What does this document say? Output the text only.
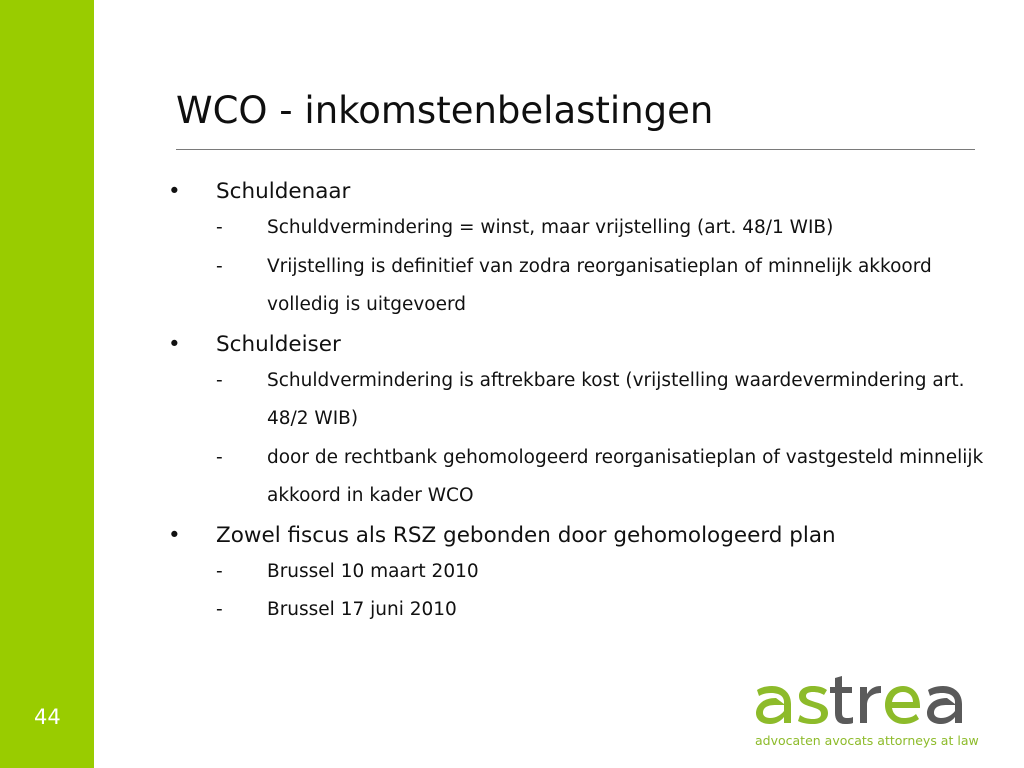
44
WCO - inkomstenbelastingen
•	Schuldenaar
-	Schuldvermindering = winst, maar vrijstelling (art. 48/1 WIB)
-	Vrijstelling is definitief van zodra reorganisatieplan of minnelijk akkoord volledig is uitgevoerd
•	Schuldeiser
-	Schuldvermindering is aftrekbare kost (vrijstelling waardevermindering art. 48/2 WIB)
-	door de rechtbank gehomologeerd reorganisatieplan of vastgesteld minnelijk akkoord in kader WCO
•	Zowel fiscus als RSZ gebonden door gehomologeerd plan
-	Brussel 10 maart 2010
-	Brussel 17 juni 2010
advocaten avocats attorneys at law
